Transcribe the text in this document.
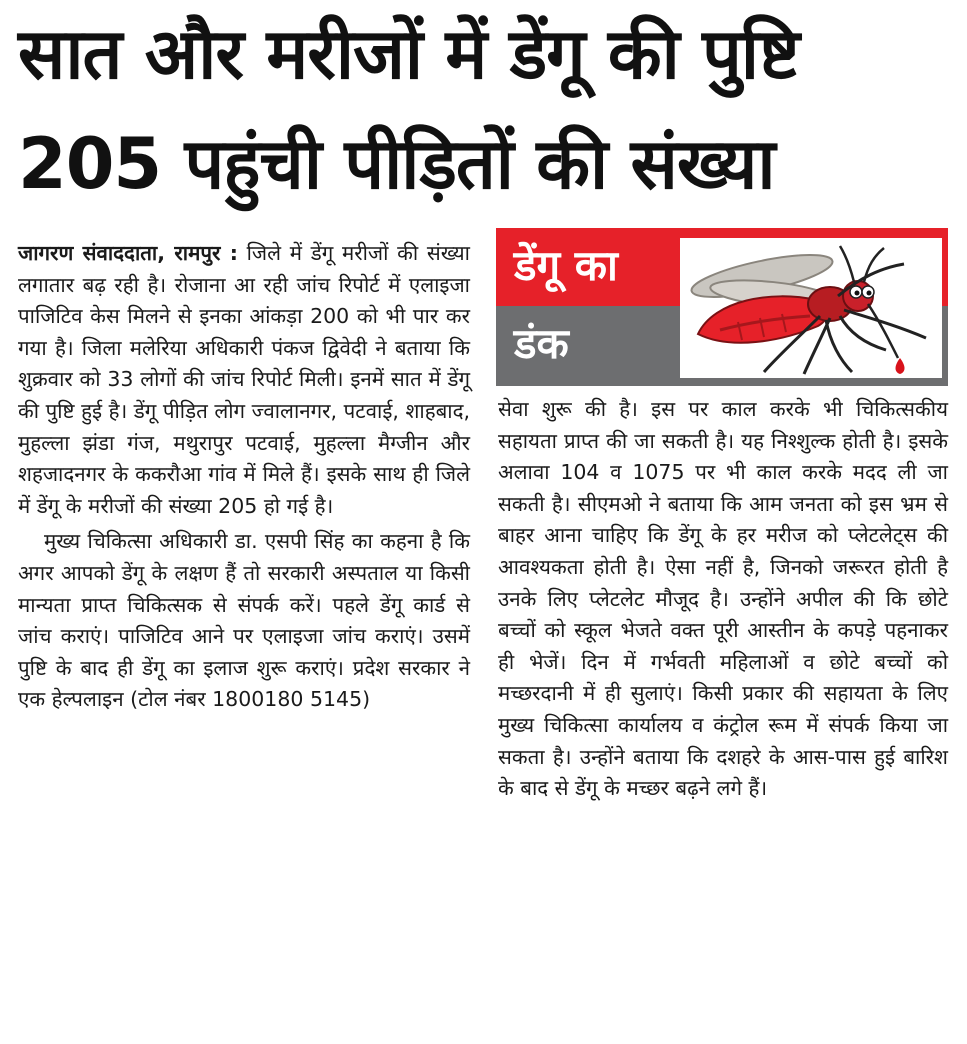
सात और मरीजों में डेंगू की पुष्टि
205 पहुंची पीड़ितों की संख्या

जागरण संवाददाता, रामपुर : जिले में डेंगू मरीजों की संख्या लगातार बढ़ रही है। रोजाना आ रही जांच रिपोर्ट में एलाइजा पाजिटिव केस मिलने से इनका आंकड़ा 200 को भी पार कर गया है। जिला मलेरिया अधिकारी पंकज द्विवेदी ने बताया कि शुक्रवार को 33 लोगों की जांच रिपोर्ट मिली। इनमें सात में डेंगू की पुष्टि हुई है। डेंगू पीड़ित लोग ज्वालानगर, पटवाई, शाहबाद, मुहल्ला झंडा गंज, मथुरापुर पटवाई, मुहल्ला मैग्जीन और शहजादनगर के ककरौआ गांव में मिले हैं। इसके साथ ही जिले में डेंगू के मरीजों की संख्या 205 हो गई है।

मुख्य चिकित्सा अधिकारी डा. एसपी सिंह का कहना है कि अगर आपको डेंगू के लक्षण हैं तो सरकारी अस्पताल या किसी मान्यता प्राप्त चिकित्सक से संपर्क करें। पहले डेंगू कार्ड से जांच कराएं। पाजिटिव आने पर एलाइजा जांच कराएं। उसमें पुष्टि के बाद ही डेंगू का इलाज शुरू कराएं। प्रदेश सरकार ने एक हेल्पलाइन (टोल नंबर 1800180 5145)

डेंगू का
डंक

सेवा शुरू की है। इस पर काल करके भी चिकित्सकीय सहायता प्राप्त की जा सकती है। यह निश्शुल्क होती है। इसके अलावा 104 व 1075 पर भी काल करके मदद ली जा सकती है। सीएमओ ने बताया कि आम जनता को इस भ्रम से बाहर आना चाहिए कि डेंगू के हर मरीज को प्लेटलेट्स की आवश्यकता होती है। ऐसा नहीं है, जिनको जरूरत होती है उनके लिए प्लेटलेट मौजूद है। उन्होंने अपील की कि छोटे बच्चों को स्कूल भेजते वक्त पूरी आस्तीन के कपड़े पहनाकर ही भेजें। दिन में गर्भवती महिलाओं व छोटे बच्चों को मच्छरदानी में ही सुलाएं। किसी प्रकार की सहायता के लिए मुख्य चिकित्सा कार्यालय व कंट्रोल रूम में संपर्क किया जा सकता है। उन्होंने बताया कि दशहरे के आस-पास हुई बारिश के बाद से डेंगू के मच्छर बढ़ने लगे हैं।
